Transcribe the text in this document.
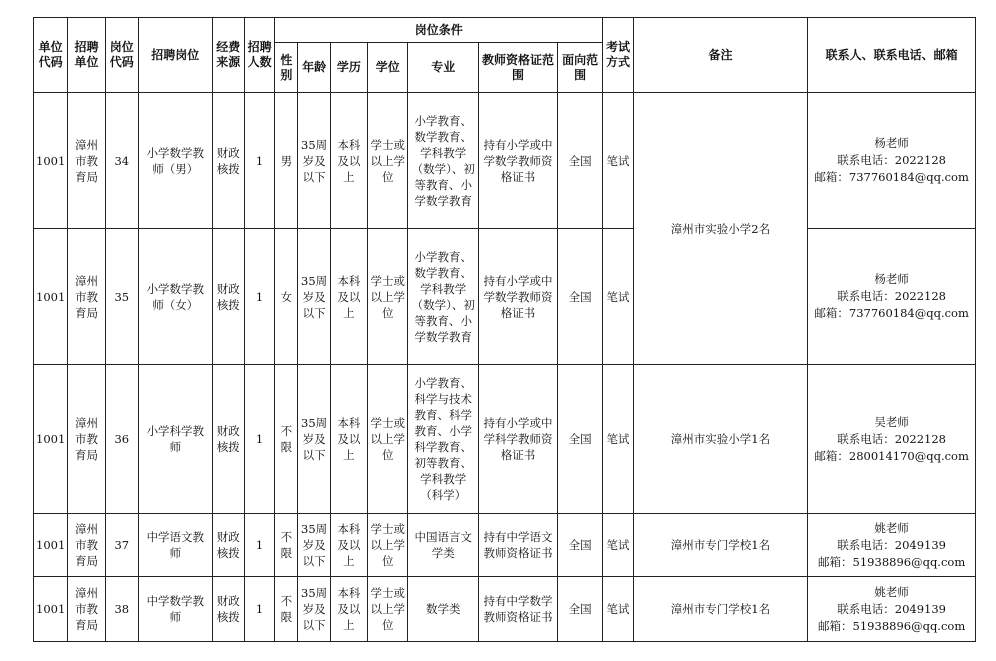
单位代码	招聘单位	岗位代码	招聘岗位	经费来源	招聘人数	岗位条件							考试方式	备注	联系人、联系电话、邮箱
						性别	年龄	学历	学位	专业	教师资格证范围	面向范围			
1001	漳州市教育局	34	小学数学教师（男）	财政核拨	1	男	35周岁及以下	本科及以上	学士或以上学位	小学教育、数学教育、学科教学（数学）、初等教育、小学数学教育	持有小学或中学数学教师资格证书	全国	笔试	漳州市实验小学2名	杨老师
联系电话：2022128
邮箱：737760184@qq.com

1001	漳州市教育局	35	小学数学教师（女）	财政核拨	1	女	35周岁及以下	本科及以上	学士或以上学位	小学教育、数学教育、学科教学（数学）、初等教育、小学数学教育	持有小学或中学数学教师资格证书	全国	笔试		杨老师
联系电话：2022128
邮箱：737760184@qq.com

1001	漳州市教育局	36	小学科学教师	财政核拨	1	不限	35周岁及以下	本科及以上	学士或以上学位	小学教育、科学与技术教育、科学教育、小学科学教育、初等教育、学科教学（科学）	持有小学或中学科学教师资格证书	全国	笔试	漳州市实验小学1名	吴老师
联系电话：2022128
邮箱：280014170@qq.com

1001	漳州市教育局	37	中学语文教师	财政核拨	1	不限	35周岁及以下	本科及以上	学士或以上学位	中国语言文学类	持有中学语文教师资格证书	全国	笔试	漳州市专门学校1名	姚老师
联系电话：2049139
邮箱：51938896@qq.com

1001	漳州市教育局	38	中学数学教师	财政核拨	1	不限	35周岁及以下	本科及以上	学士或以上学位	数学类	持有中学数学教师资格证书	全国	笔试	漳州市专门学校1名	姚老师
联系电话：2049139
邮箱：51938896@qq.com
